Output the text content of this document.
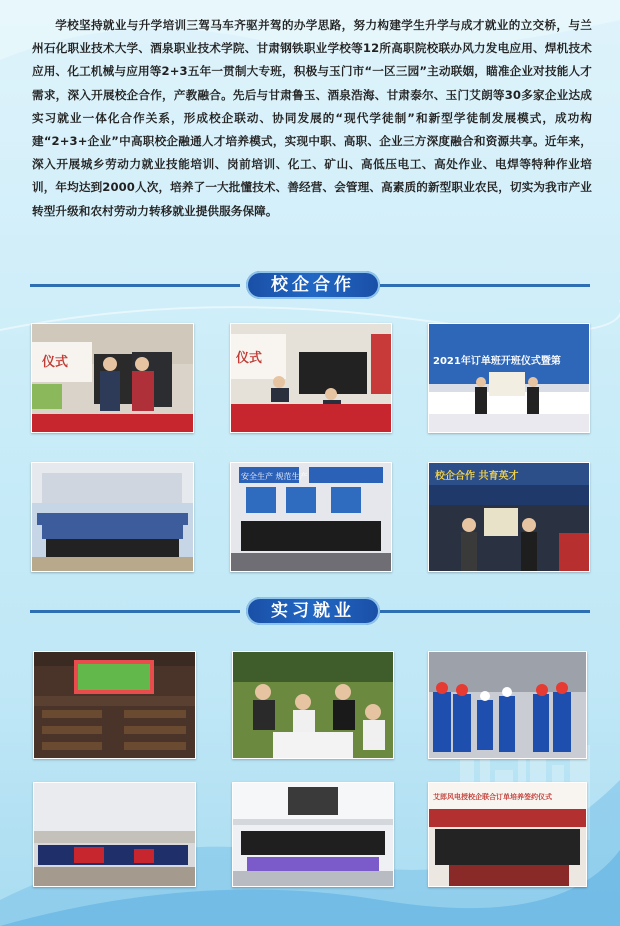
学校坚持就业与升学培训三驾马车齐驱并驾的办学思路，努力构建学生升学与成才就业的立交桥，与兰州石化职业技术大学、酒泉职业技术学院、甘肃钢铁职业学校等12所高职院校联办风力发电应用、焊机技术应用、化工机械与应用等2+3五年一贯制大专班，积极与玉门市“一区三园”主动联姻，瞄准企业对技能人才需求，深入开展校企合作，产教融合。先后与甘肃鲁玉、酒泉浩海、甘肃泰尔、玉门艾朗等30多家企业达成实习就业一体化合作关系，形成校企联动、协同发展的“现代学徒制”和新型学徒制发展模式，成功构建“2+3+企业”中高职校企融通人才培养模式，实现中职、高职、企业三方深度融合和资源共享。近年来，深入开展城乡劳动力就业技能培训、岗前培训、化工、矿山、高低压电工、高处作业、电焊等特种作业培训，年均达到2000人次，培养了一大批懂技术、善经营、会管理、高素质的新型职业农民，切实为我市产业转型升级和农村劳动力转移就业提供服务保障。

校企合作
仪式	仪式	2021年订单班开班仪式暨第
安全生产 规范生产	校企合作 共育英才
实习就业
艾郎风电授校企联合订单培养签约仪式
